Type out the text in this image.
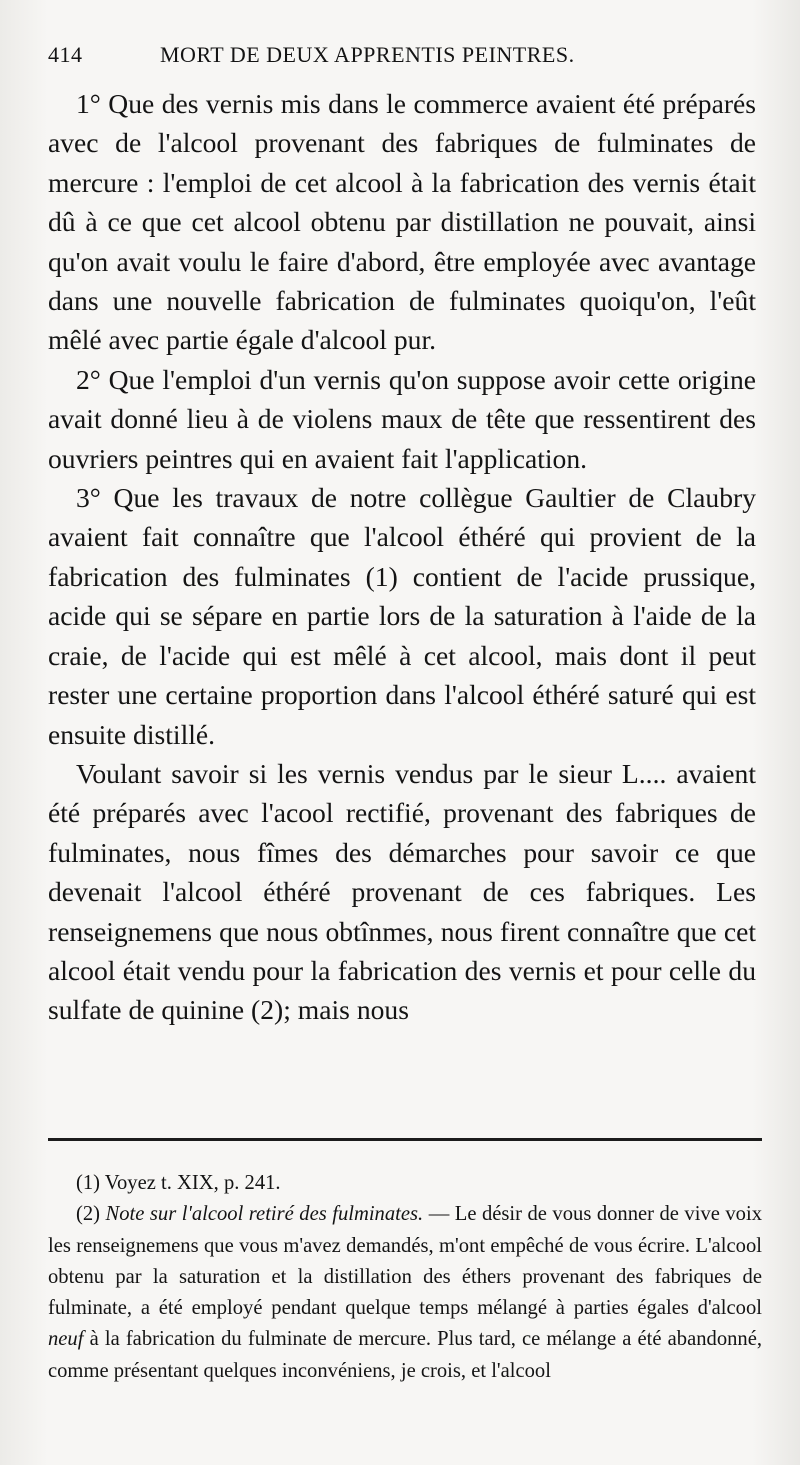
414	MORT DE DEUX APPRENTIS PEINTRES.

1° Que des vernis mis dans le commerce avaient été préparés avec de l'alcool provenant des fabriques de fulminates de mercure : l'emploi de cet alcool à la fabrication des vernis était dû à ce que cet alcool obtenu par distillation ne pouvait, ainsi qu'on avait voulu le faire d'abord, être employée avec avantage dans une nouvelle fabrication de fulminates quoiqu'on, l'eût mêlé avec partie égale d'alcool pur.

2° Que l'emploi d'un vernis qu'on suppose avoir cette origine avait donné lieu à de violens maux de tête que ressentirent des ouvriers peintres qui en avaient fait l'application.

3° Que les travaux de notre collègue Gaultier de Claubry avaient fait connaître que l'alcool éthéré qui provient de la fabrication des fulminates (1) contient de l'acide prussique, acide qui se sépare en partie lors de la saturation à l'aide de la craie, de l'acide qui est mêlé à cet alcool, mais dont il peut rester une certaine proportion dans l'alcool éthéré saturé qui est ensuite distillé.

Voulant savoir si les vernis vendus par le sieur L.... avaient été préparés avec l'acool rectifié, provenant des fabriques de fulminates, nous fîmes des démarches pour savoir ce que devenait l'alcool éthéré provenant de ces fabriques. Les renseignemens que nous obtînmes, nous firent connaître que cet alcool était vendu pour la fabrication des vernis et pour celle du sulfate de quinine (2); mais nous

(1) Voyez t. XIX, p. 241.

(2) Note sur l'alcool retiré des fulminates. — Le désir de vous donner de vive voix les renseignemens que vous m'avez demandés, m'ont empêché de vous écrire. L'alcool obtenu par la saturation et la distillation des éthers provenant des fabriques de fulminate, a été employé pendant quelque temps mélangé à parties égales d'alcool neuf à la fabrication du fulminate de mercure. Plus tard, ce mélange a été abandonné, comme présentant quelques inconvéniens, je crois, et l'alcool
